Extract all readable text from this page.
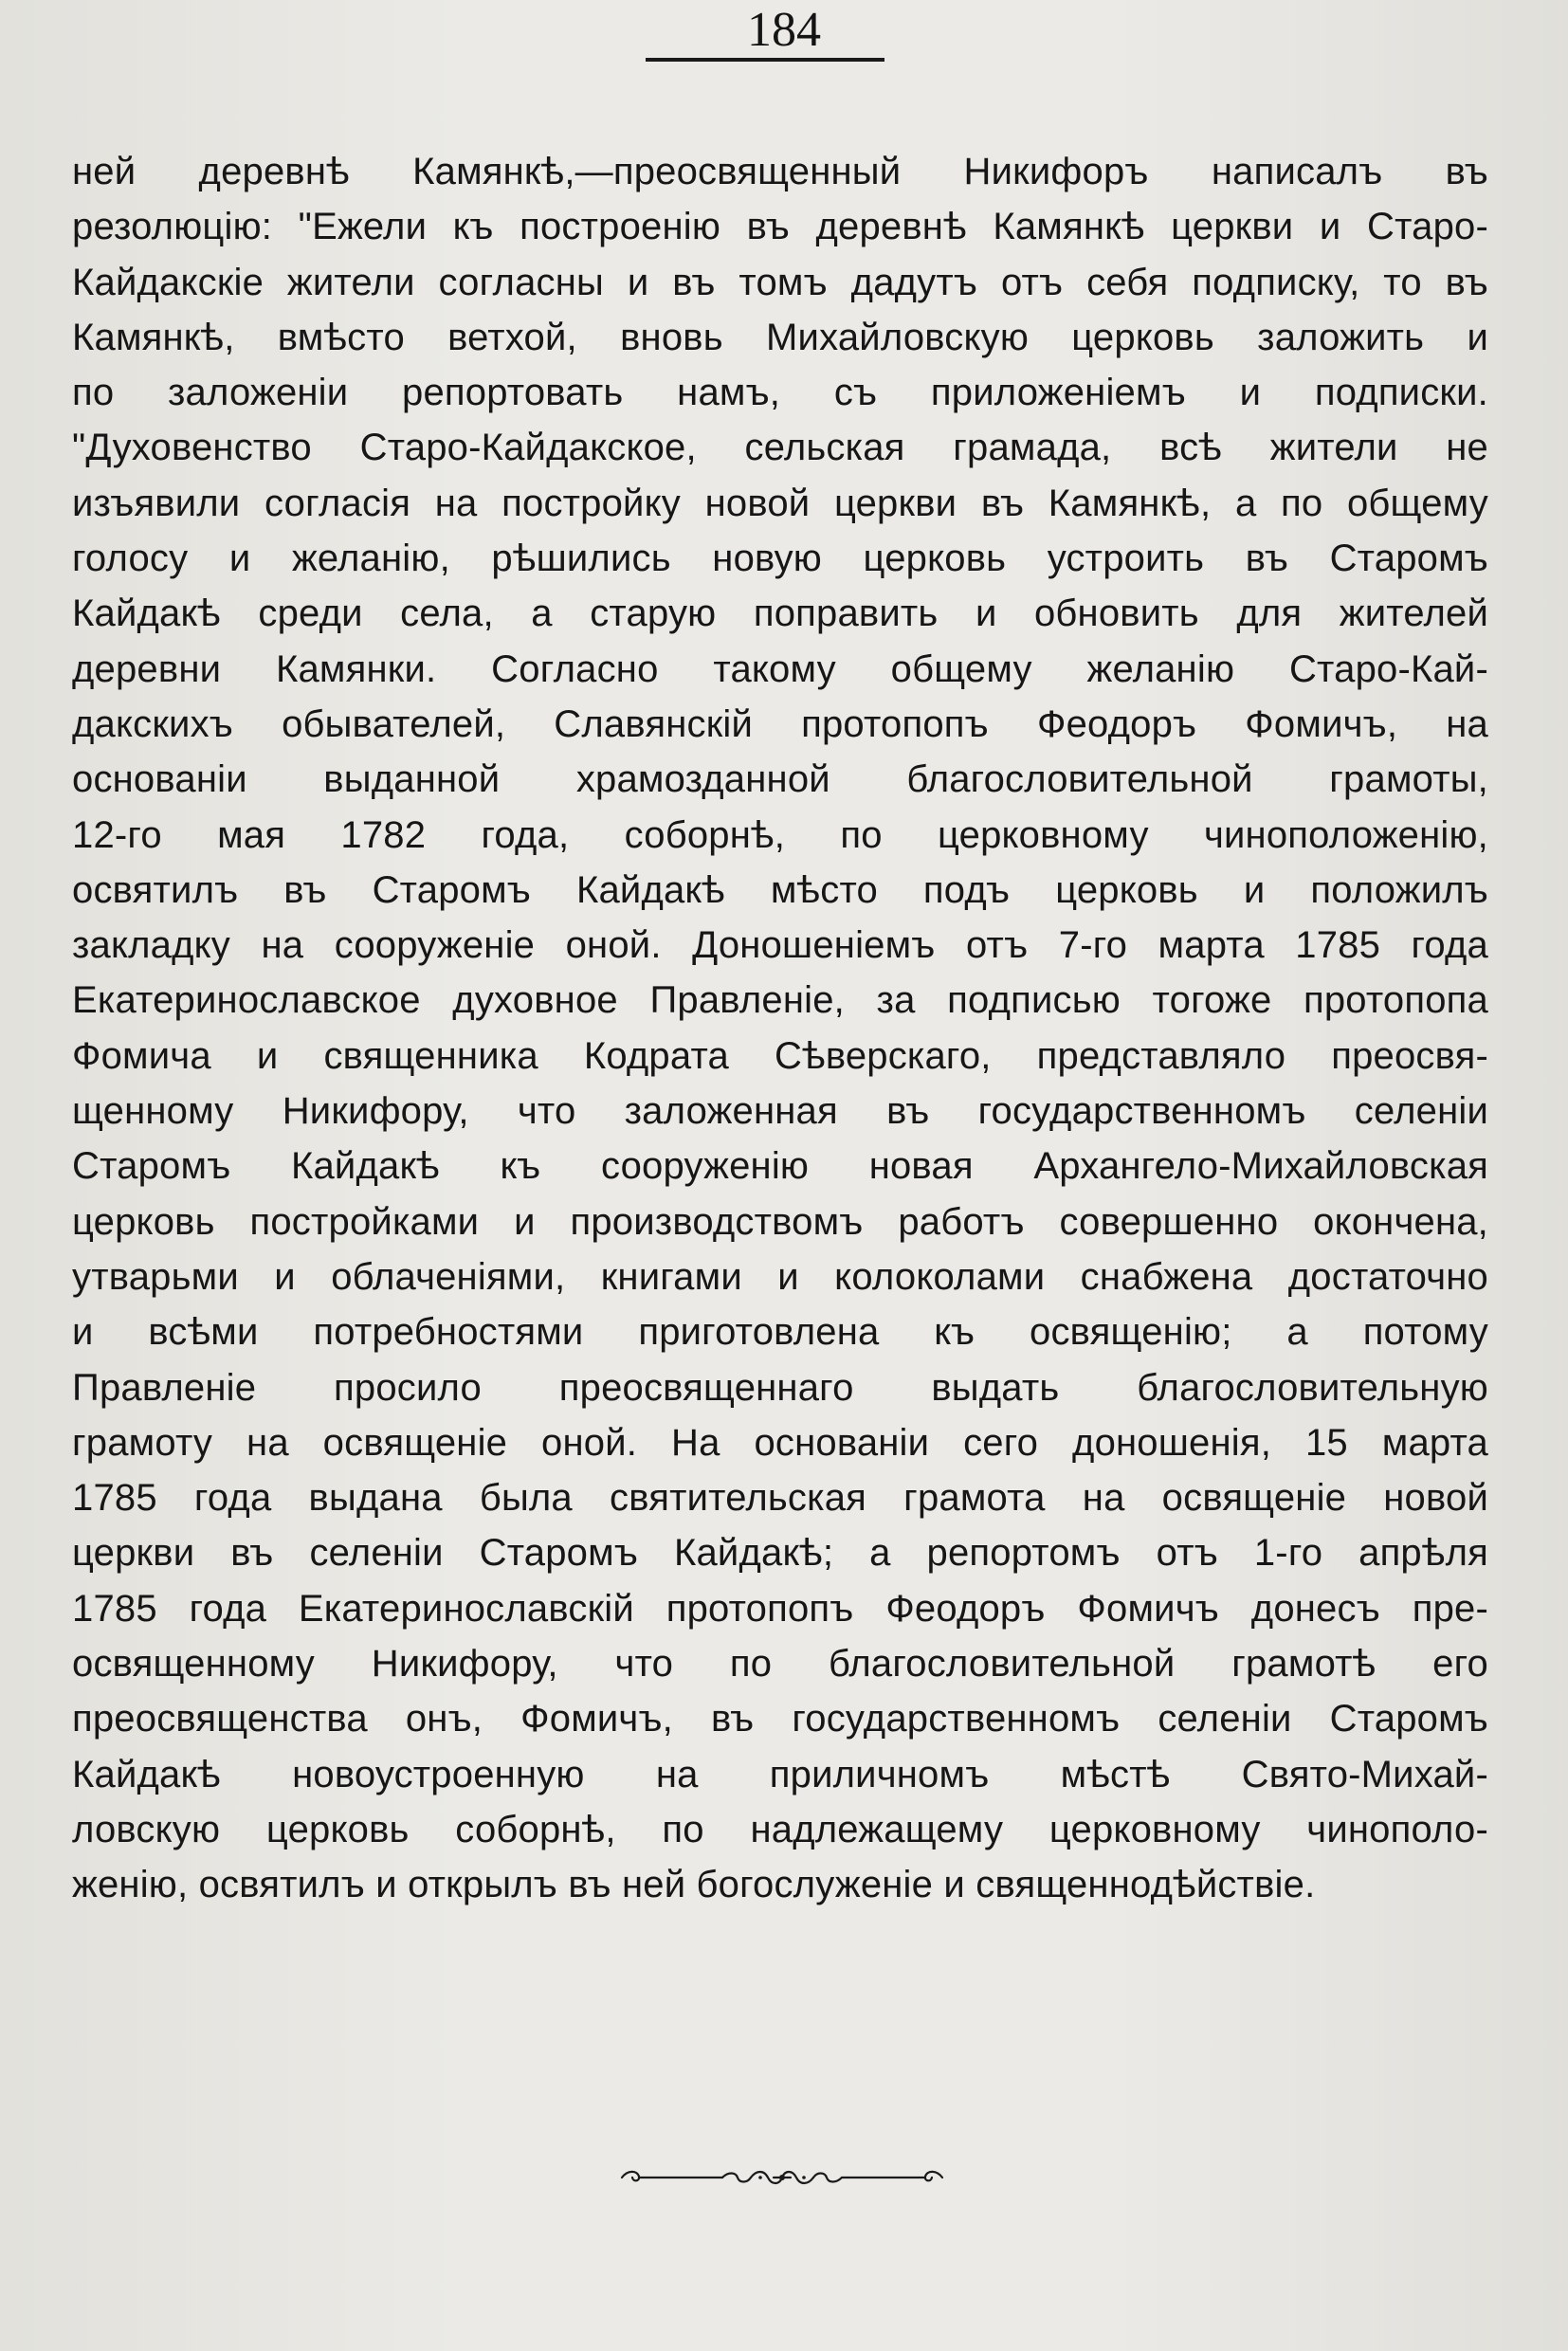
184
ней деревнѣ Камянкѣ,—преосвященный Никифоръ написалъ въ
резолюцію: "Ежели къ построенію въ деревнѣ Камянкѣ церкви и Старо-
Кайдакскіе жители согласны и въ томъ дадутъ отъ себя подписку, то въ
Камянкѣ, вмѣсто ветхой, вновь Михайловскую церковь заложить и
по заложеніи репортовать намъ, съ приложеніемъ и подписки.
"Духовенство Старо-Кайдакское, сельская грамада, всѣ жители не
изъявили согласія на постройку новой церкви въ Камянкѣ, а по общему
голосу и желанію, рѣшились новую церковь устроить въ Старомъ
Кайдакѣ среди села, а старую поправить и обновить для жителей
деревни Камянки. Согласно такому общему желанію Старо-Кай-
дакскихъ обывателей, Славянскій протопопъ Феодоръ Фомичъ, на
основаніи выданной храмозданной благословительной грамоты,
12-го мая 1782 года, соборнѣ, по церковному чиноположенію,
освятилъ въ Старомъ Кайдакѣ мѣсто подъ церковь и положилъ
закладку на сооруженіе оной. Доношеніемъ отъ 7-го марта 1785 года
Екатеринославское духовное Правленіе, за подписью тогоже протопопа
Фомича и священника Кодрата Сѣверскаго, представляло преосвя-
щенному Никифору, что заложенная въ государственномъ селеніи
Старомъ Кайдакѣ къ сооруженію новая Архангело-Михайловская
церковь постройками и производствомъ работъ совершенно окончена,
утварьми и облаченіями, книгами и колоколами снабжена достаточно
и всѣми потребностями приготовлена къ освященію; а потому
Правленіе просило преосвященнаго выдать благословительную
грамоту на освященіе оной. На основаніи сего доношенія, 15 марта
1785 года выдана была святительская грамота на освященіе новой
церкви въ селеніи Старомъ Кайдакѣ; а репортомъ отъ 1-го апрѣля
1785 года Екатеринославскій протопопъ Феодоръ Фомичъ донесъ пре-
освященному Никифору, что по благословительной грамотѣ его
преосвященства онъ, Фомичъ, въ государственномъ селеніи Старомъ
Кайдакѣ новоустроенную на приличномъ мѣстѣ Свято-Михай-
ловскую церковь соборнѣ, по надлежащему церковному чинополо-
женію, освятилъ и открылъ въ ней богослуженіе и священнодѣйствіе.
